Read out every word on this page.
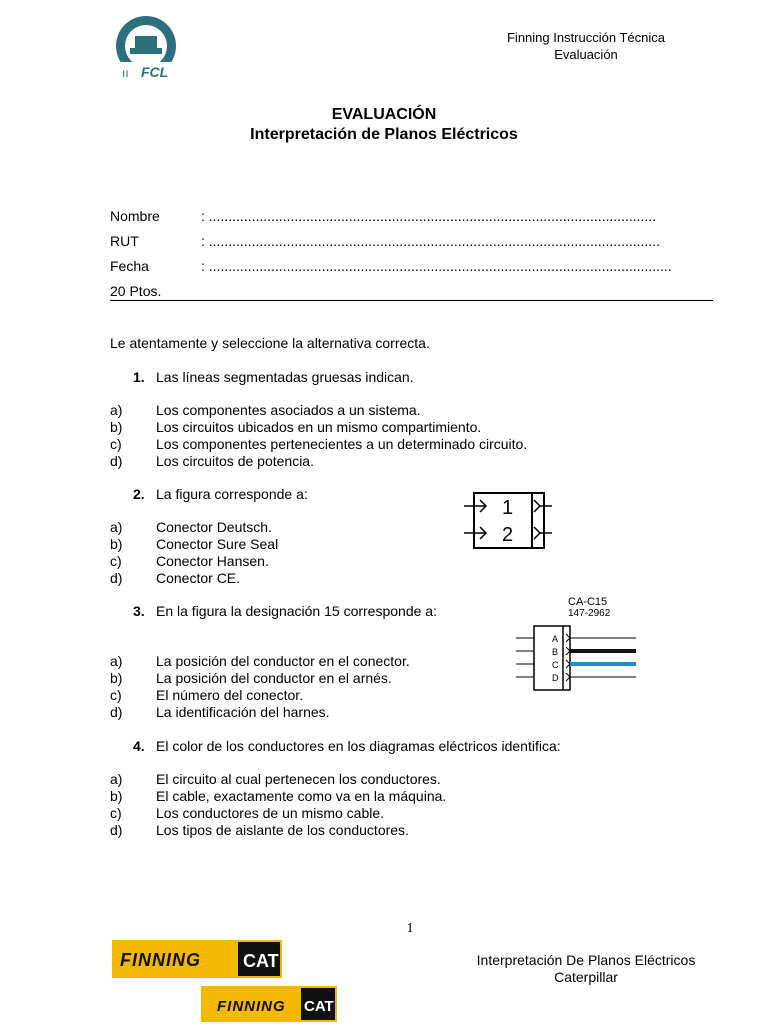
FCL
ıı
Finning Instrucción Técnica
Evaluación
EVALUACIÓN
Interpretación de Planos Eléctricos
Nombre	: ...................................................................................................................
RUT	: ....................................................................................................................
Fecha	: .......................................................................................................................
20 Ptos.
Le atentamente y seleccione la alternativa correcta.
1. Las líneas segmentadas gruesas indican.
a) Los componentes asociados a un sistema.
b) Los circuitos ubicados en un mismo compartimiento.
c) Los componentes pertenecientes a un determinado circuito.
d) Los circuitos de potencia.
2. La figura corresponde a:
a) Conector Deutsch.
b) Conector Sure Seal
c) Conector Hansen.
d) Conector CE.
1
2
3. En la figura la designación 15 corresponde a:
a) La posición del conductor en el conector.
b) La posición del conductor en el arnés.
c) El número del conector.
d) La identificación del harnes.
CA-C15
147-2962
A
B
C
D
4. El color de los conductores en los diagramas eléctricos identifica:
a) El circuito al cual pertenecen los conductores.
b) El cable, exactamente como va en la máquina.
c) Los conductores de un mismo cable.
d) Los tipos de aislante de los conductores.
1
FINNING CAT
FINNING CAT
Interpretación De Planos Eléctricos
Caterpillar
